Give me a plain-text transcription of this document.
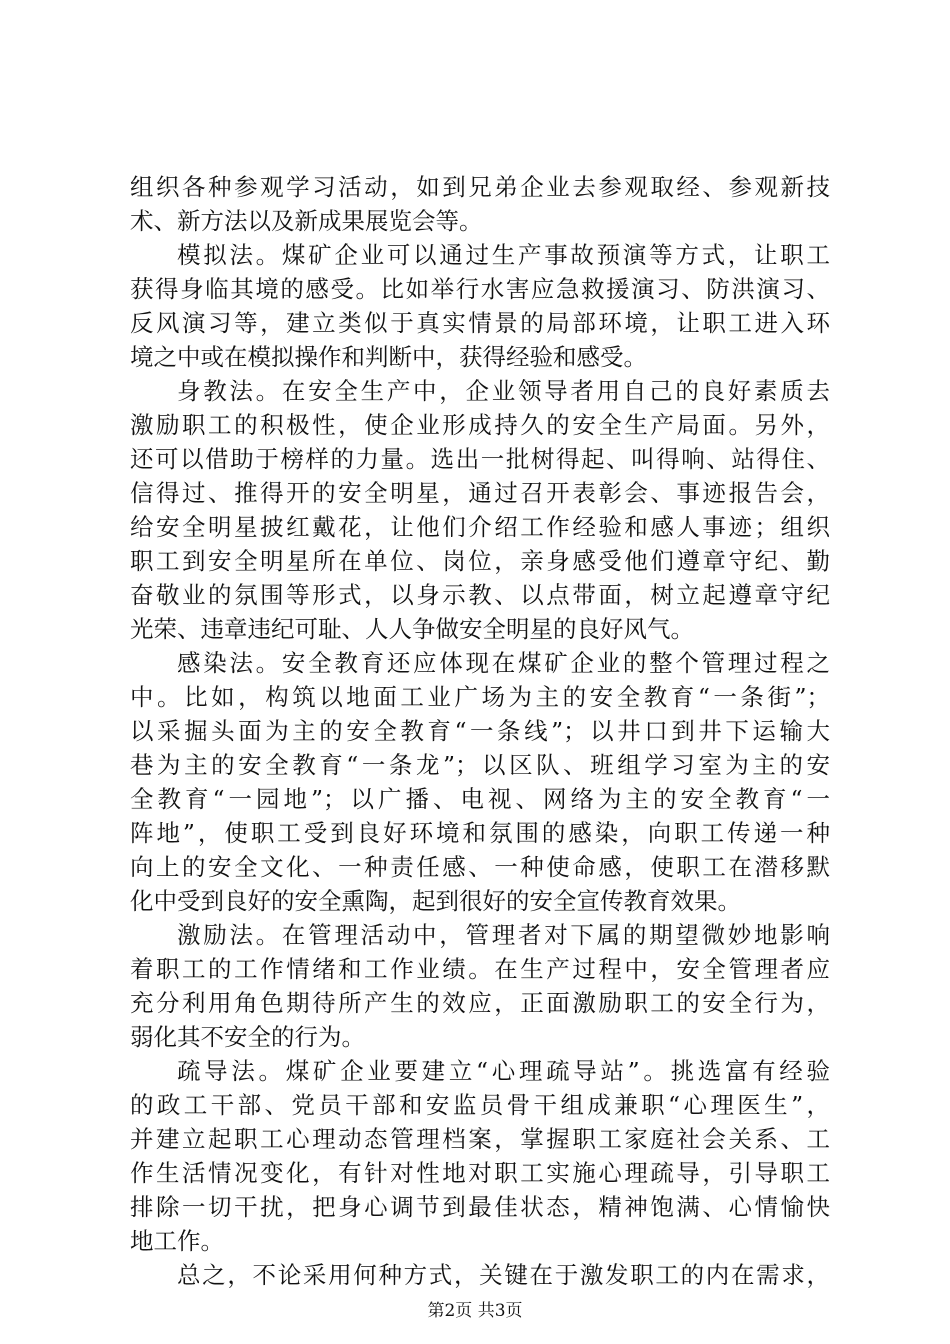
组织各种参观学习活动，如到兄弟企业去参观取经、参观新技
术、新方法以及新成果展览会等。
模拟法。煤矿企业可以通过生产事故预演等方式，让职工
获得身临其境的感受。比如举行水害应急救援演习、防洪演习、
反风演习等，建立类似于真实情景的局部环境，让职工进入环
境之中或在模拟操作和判断中，获得经验和感受。
身教法。在安全生产中，企业领导者用自己的良好素质去
激励职工的积极性，使企业形成持久的安全生产局面。另外，
还可以借助于榜样的力量。选出一批树得起、叫得响、站得住、
信得过、推得开的安全明星，通过召开表彰会、事迹报告会，
给安全明星披红戴花，让他们介绍工作经验和感人事迹；组织
职工到安全明星所在单位、岗位，亲身感受他们遵章守纪、勤
奋敬业的氛围等形式，以身示教、以点带面，树立起遵章守纪
光荣、违章违纪可耻、人人争做安全明星的良好风气。
感染法。安全教育还应体现在煤矿企业的整个管理过程之
中。比如，构筑以地面工业广场为主的安全教育“一条街”；
以采掘头面为主的安全教育“一条线”；以井口到井下运输大
巷为主的安全教育“一条龙”；以区队、班组学习室为主的安
全教育“一园地”；以广播、电视、网络为主的安全教育“一
阵地”，使职工受到良好环境和氛围的感染，向职工传递一种
向上的安全文化、一种责任感、一种使命感，使职工在潜移默
化中受到良好的安全熏陶，起到很好的安全宣传教育效果。
激励法。在管理活动中，管理者对下属的期望微妙地影响
着职工的工作情绪和工作业绩。在生产过程中，安全管理者应
充分利用角色期待所产生的效应，正面激励职工的安全行为，
弱化其不安全的行为。
疏导法。煤矿企业要建立“心理疏导站”。挑选富有经验
的政工干部、党员干部和安监员骨干组成兼职“心理医生”，
并建立起职工心理动态管理档案，掌握职工家庭社会关系、工
作生活情况变化，有针对性地对职工实施心理疏导，引导职工
排除一切干扰，把身心调节到最佳状态，精神饱满、心情愉快
地工作。
总之，不论采用何种方式，关键在于激发职工的内在需求，
第2页 共3页
